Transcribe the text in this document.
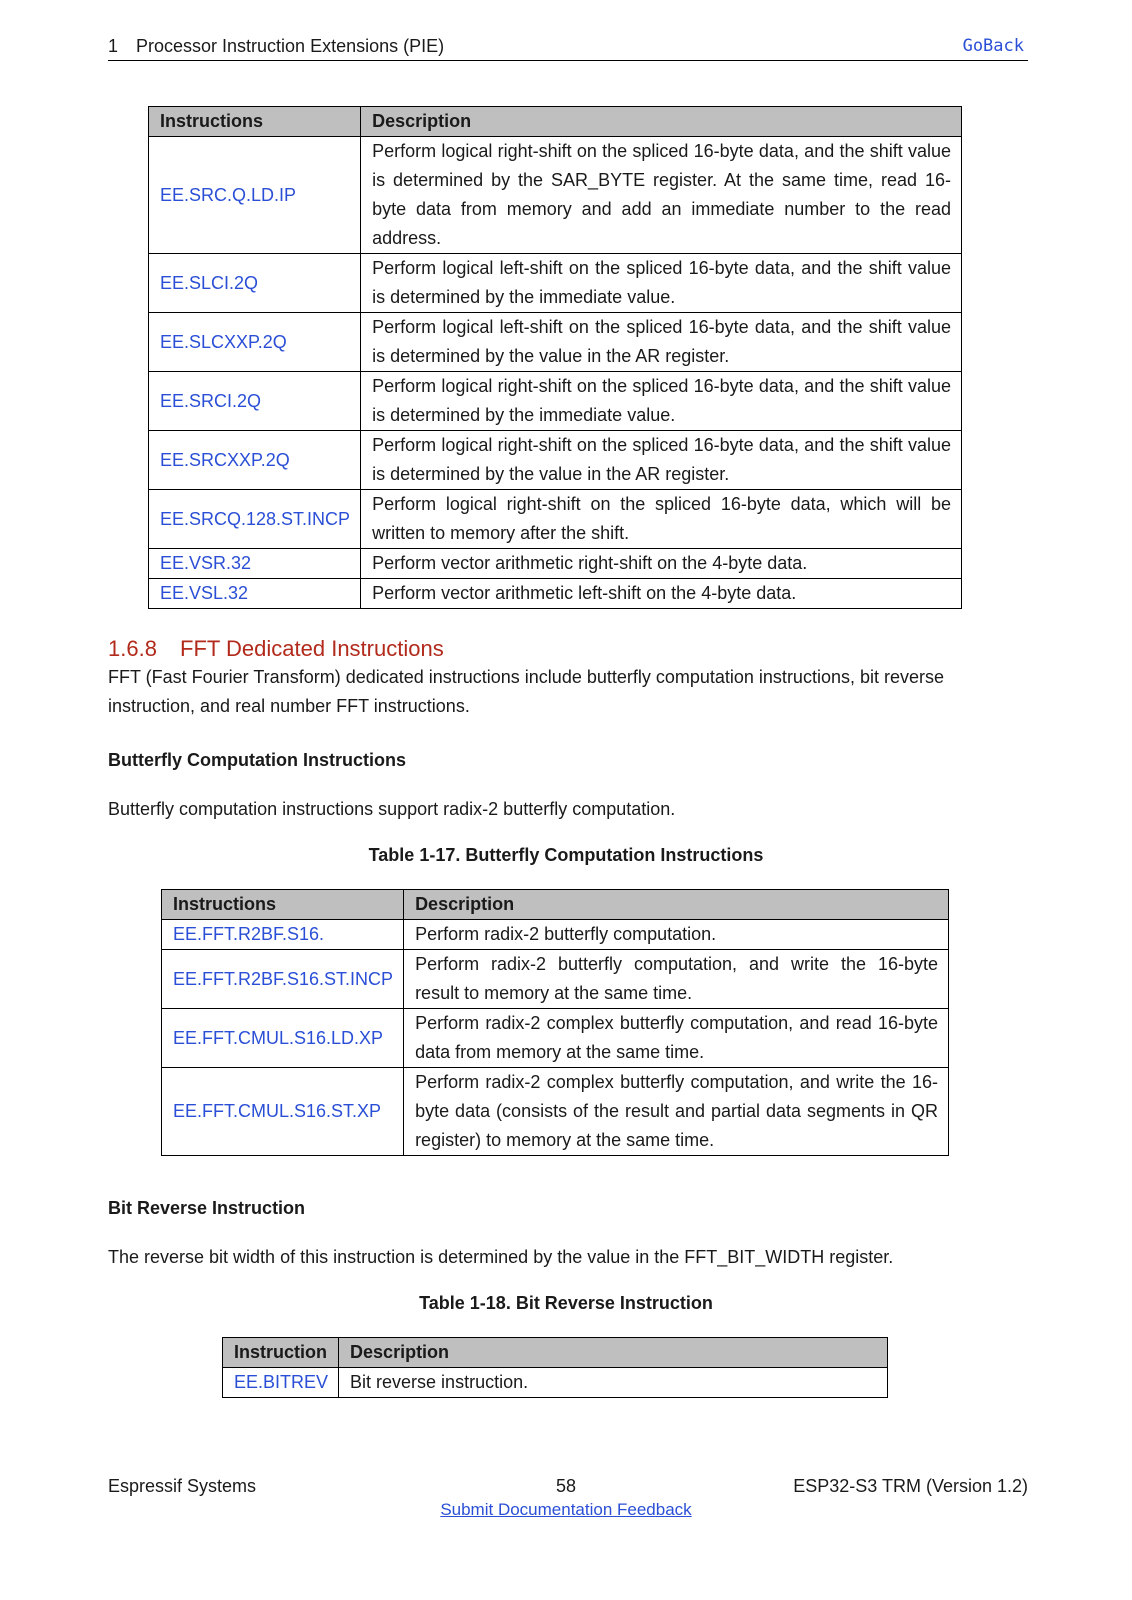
1 Processor Instruction Extensions (PIE)	GoBack
Instructions	Description
EE.SRC.Q.LD.IP	Perform logical right-shift on the spliced 16-byte data, and the shift value is determined by the SAR_BYTE register. At the same time, read 16-byte data from memory and add an immediate number to the read address.
EE.SLCI.2Q	Perform logical left-shift on the spliced 16-byte data, and the shift value is determined by the immediate value.
EE.SLCXXP.2Q	Perform logical left-shift on the spliced 16-byte data, and the shift value is determined by the value in the AR register.
EE.SRCI.2Q	Perform logical right-shift on the spliced 16-byte data, and the shift value is determined by the immediate value.
EE.SRCXXP.2Q	Perform logical right-shift on the spliced 16-byte data, and the shift value is determined by the value in the AR register.
EE.SRCQ.128.ST.INCP	Perform logical right-shift on the spliced 16-byte data, which will be written to memory after the shift.
EE.VSR.32	Perform vector arithmetic right-shift on the 4-byte data.
EE.VSL.32	Perform vector arithmetic left-shift on the 4-byte data.
1.6.8 FFT Dedicated Instructions
FFT (Fast Fourier Transform) dedicated instructions include butterfly computation instructions, bit reverse instruction, and real number FFT instructions.
Butterfly Computation Instructions
Butterfly computation instructions support radix-2 butterfly computation.
Table 1-17. Butterfly Computation Instructions
Instructions	Description
EE.FFT.R2BF.S16.	Perform radix-2 butterfly computation.
EE.FFT.R2BF.S16.ST.INCP	Perform radix-2 butterfly computation, and write the 16-byte result to memory at the same time.
EE.FFT.CMUL.S16.LD.XP	Perform radix-2 complex butterfly computation, and read 16-byte data from memory at the same time.
EE.FFT.CMUL.S16.ST.XP	Perform radix-2 complex butterfly computation, and write the 16-byte data (consists of the result and partial data segments in QR register) to memory at the same time.
Bit Reverse Instruction
The reverse bit width of this instruction is determined by the value in the FFT_BIT_WIDTH register.
Table 1-18. Bit Reverse Instruction
Instruction	Description
EE.BITREV	Bit reverse instruction.
Espressif Systems	58	ESP32-S3 TRM (Version 1.2)
Submit Documentation Feedback
